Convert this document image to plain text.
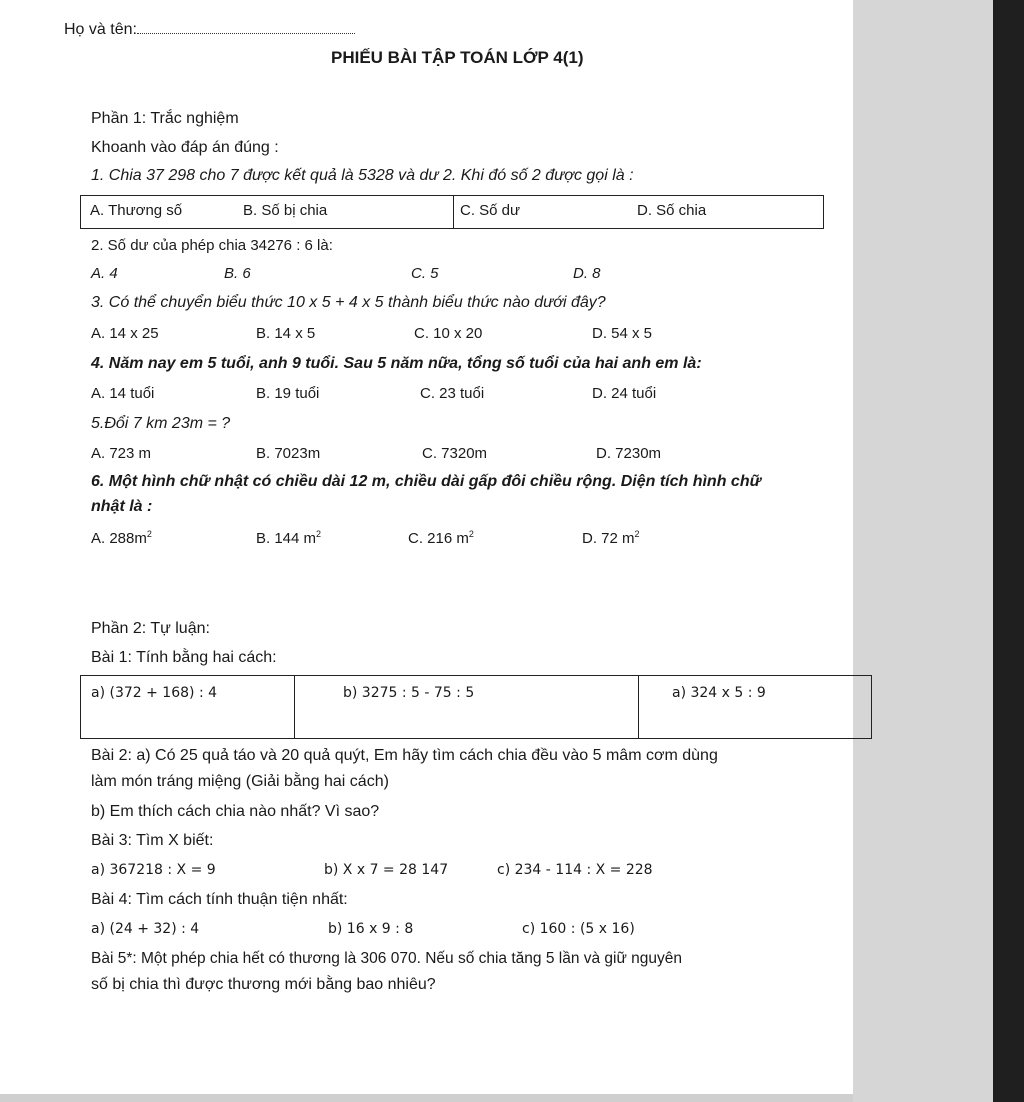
Họ và tên:
PHIẾU BÀI TẬP TOÁN LỚP 4(1)
Phần 1: Trắc nghiệm
Khoanh vào đáp án đúng :
1. Chia 37 298 cho 7 được kết quả là 5328 và dư 2. Khi đó số 2 được gọi là :
A. Thương số	B. Số bị chia	C. Số dư	D. Số chia
2. Số dư của phép chia 34276 : 6 là:
A. 4	B. 6	C. 5	D. 8
3. Có thể chuyển biểu thức 10 x 5 + 4 x 5 thành biểu thức nào dưới đây?
A. 14 x 25	B. 14 x 5	C. 10 x 20	D. 54 x 5
4. Năm nay em 5 tuổi, anh 9 tuổi. Sau 5 năm nữa, tổng số tuổi của hai anh em là:
A. 14 tuổi	B. 19 tuổi	C. 23 tuổi	D. 24 tuổi
5.Đổi 7 km 23m = ?
A. 723 m	B. 7023m	C. 7320m	D. 7230m
6. Một hình chữ nhật có chiều dài 12 m, chiều dài gấp đôi chiều rộng. Diện tích hình chữ
nhật là :
A. $288m^2$	B. 144 $m^2$	C. 216 $m^2$	D. 72 $m^2$
Phần 2: Tự luận:
Bài 1: Tính bằng hai cách:
a) (372 + 168) : 4	b) 3275 : 5 - 75 : 5	a) 324 x 5 : 9
Bài 2: a) Có 25 quả táo và 20 quả quýt, Em hãy tìm cách chia đều vào 5 mâm cơm dùng
làm món tráng miệng (Giải bằng hai cách)
b) Em thích cách chia nào nhất? Vì sao?
Bài 3: Tìm X biết:
a) 367218 : X = 9	b) X x 7 = 28 147	c) 234 - 114 : X = 228
Bài 4: Tìm cách tính thuận tiện nhất:
a) (24 + 32) : 4	b) 16 x 9 : 8	c) 160 : (5 x 16)
Bài 5*: Một phép chia hết có thương là 306 070. Nếu số chia tăng 5 lần và giữ nguyên
số bị chia thì được thương mới bằng bao nhiêu?
